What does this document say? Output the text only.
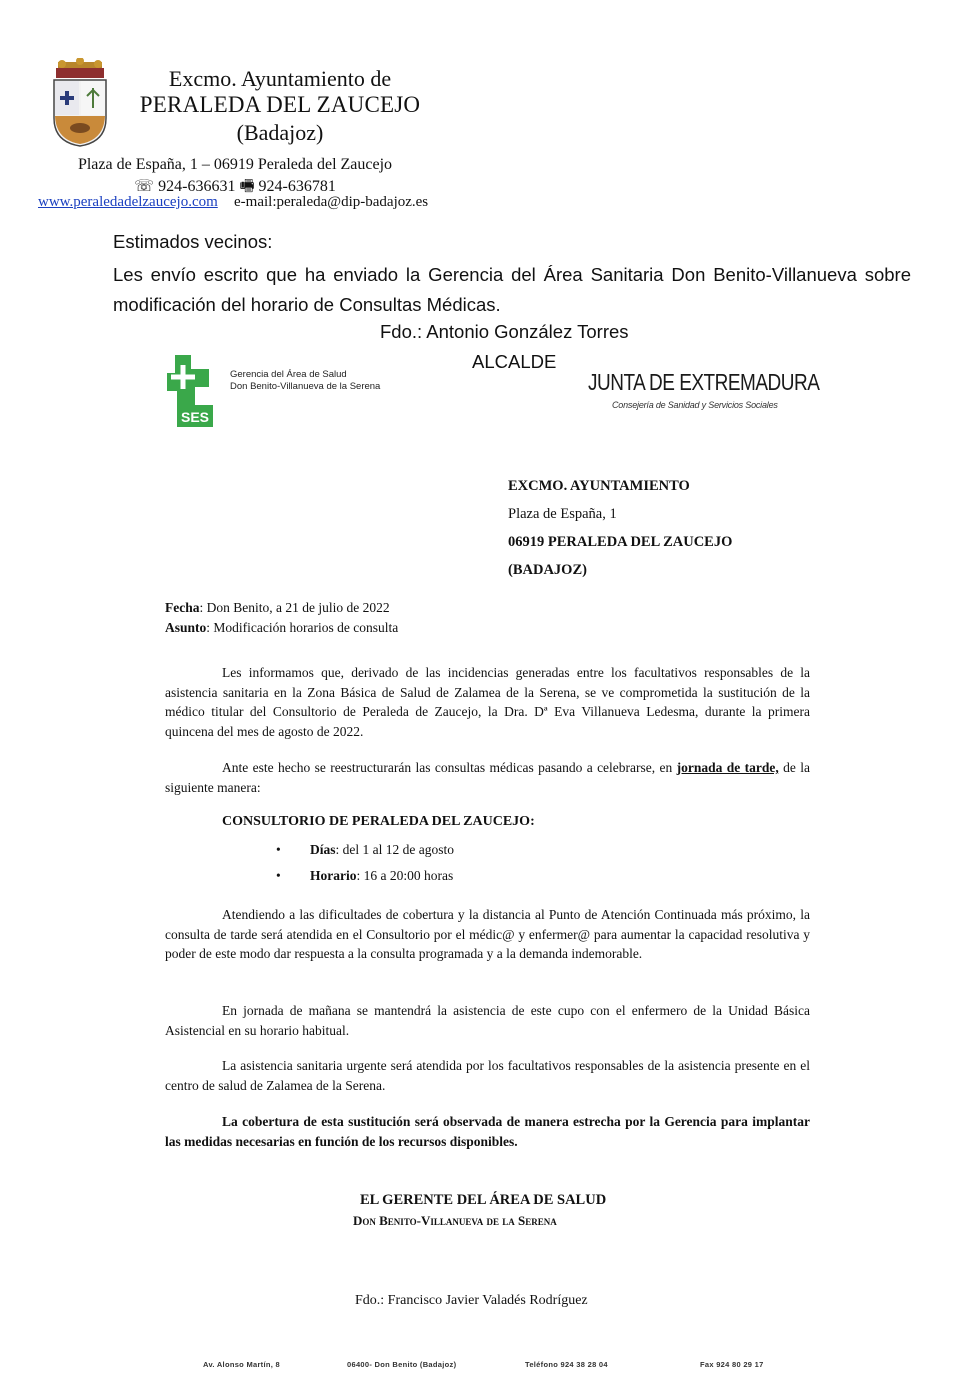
Excmo. Ayuntamiento de
PERALEDA DEL ZAUCEJO
(Badajoz)
Plaza de España, 1 – 06919 Peraleda del Zaucejo
☏ 924-636631 🖷 924-636781
www.peraledadelzaucejo.com e-mail:peraleda@dip-badajoz.es
Estimados vecinos:
Les envío escrito que ha enviado la Gerencia del Área Sanitaria Don Benito-Villanueva sobre modificación del horario de Consultas Médicas.
Fdo.: Antonio González Torres
ALCALDE
SES
Gerencia del Área de Salud
Don Benito-Villanueva de la Serena	JUNTA DE EXTREMADURA
Consejería de Sanidad y Servicios Sociales
EXCMO. AYUNTAMIENTO
Plaza de España, 1
06919 PERALEDA DEL ZAUCEJO
(BADAJOZ)
Fecha: Don Benito, a 21 de julio de 2022
Asunto: Modificación horarios de consulta
Les informamos que, derivado de las incidencias generadas entre los facultativos responsables de la asistencia sanitaria en la Zona Básica de Salud de Zalamea de la Serena, se ve comprometida la sustitución de la médico titular del Consultorio de Peraleda de Zaucejo, la Dra. Dª Eva Villanueva Ledesma, durante la primera quincena del mes de agosto de 2022.
Ante este hecho se reestructurarán las consultas médicas pasando a celebrarse, en jornada de tarde, de la siguiente manera:
CONSULTORIO DE PERALEDA DEL ZAUCEJO:
• Días: del 1 al 12 de agosto
• Horario: 16 a 20:00 horas
Atendiendo a las dificultades de cobertura y la distancia al Punto de Atención Continuada más próximo, la consulta de tarde será atendida en el Consultorio por el médic@ y enfermer@ para aumentar la capacidad resolutiva y poder de este modo dar respuesta a la consulta programada y a la demanda indemorable.
En jornada de mañana se mantendrá la asistencia de este cupo con el enfermero de la Unidad Básica Asistencial en su horario habitual.
La asistencia sanitaria urgente será atendida por los facultativos responsables de la asistencia presente en el centro de salud de Zalamea de la Serena.
La cobertura de esta sustitución será observada de manera estrecha por la Gerencia para implantar las medidas necesarias en función de los recursos disponibles.
EL GERENTE DEL ÁREA DE SALUD
Don Benito-Villanueva de la Serena
Fdo.: Francisco Javier Valadés Rodríguez
Av. Alonso Martín, 8	06400- Don Benito (Badajoz)	Teléfono 924 38 28 04	Fax 924 80 29 17
